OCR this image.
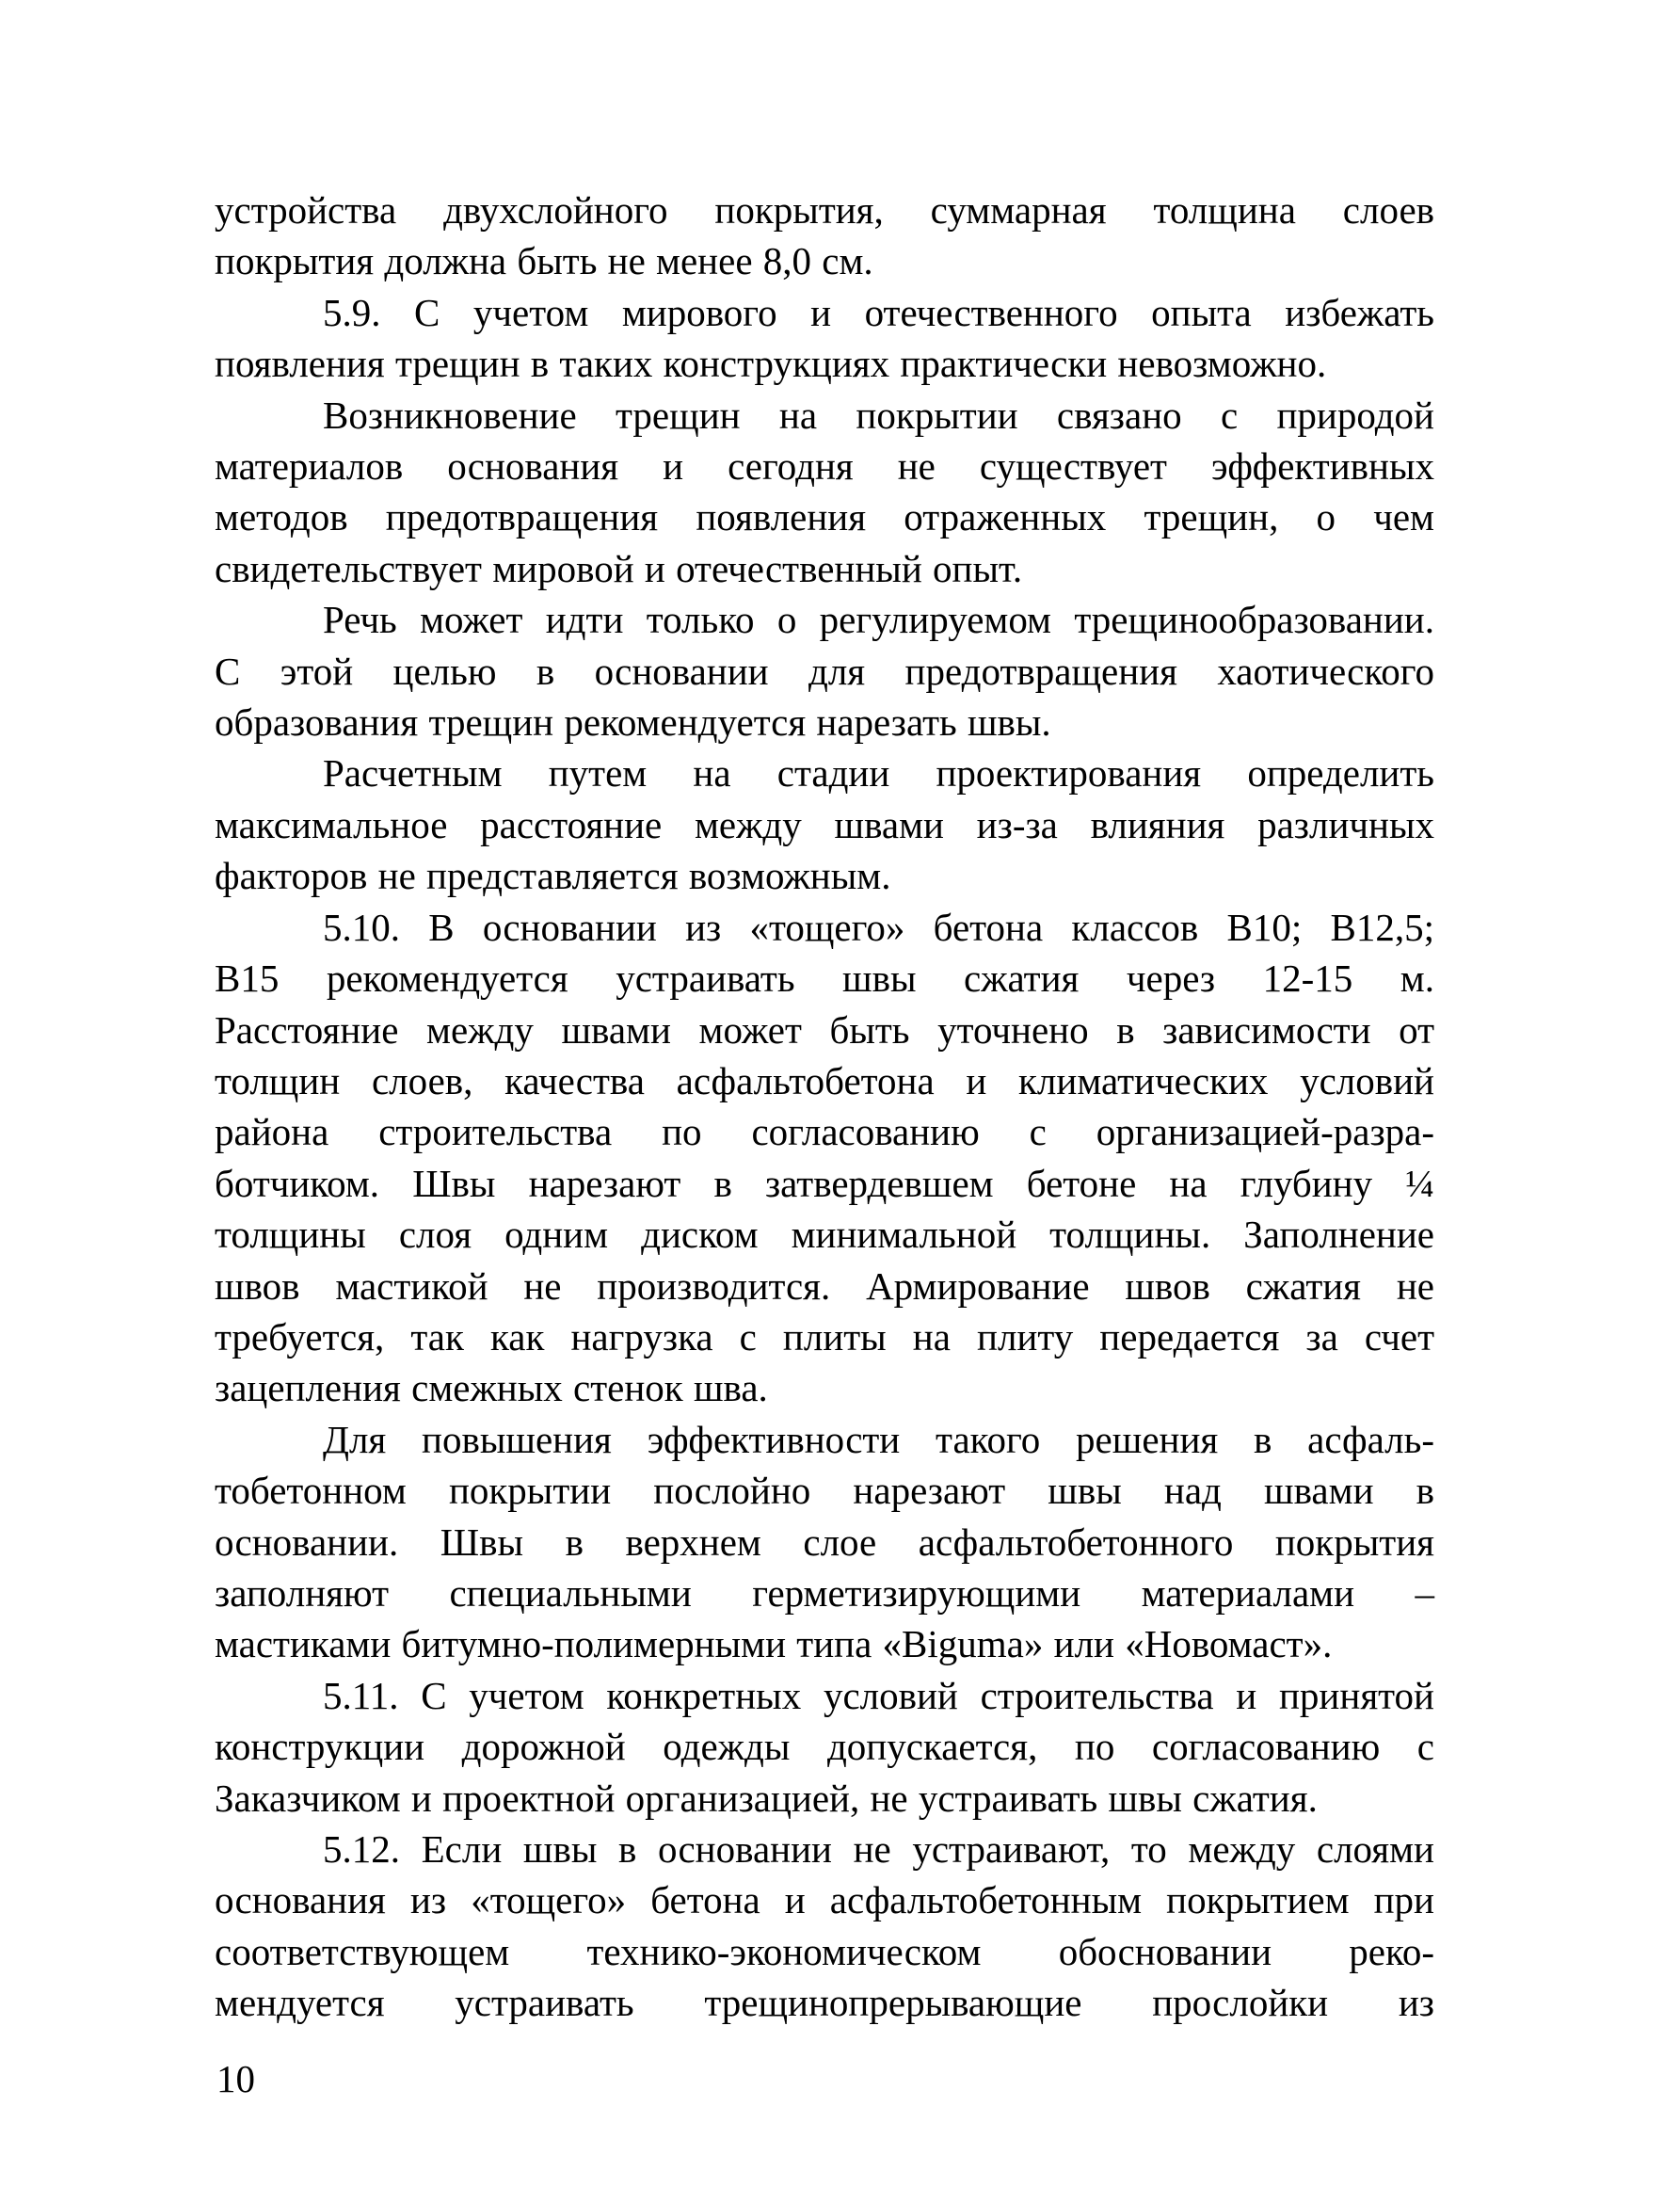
устройства двухслойного покрытия, суммарная толщина слоев
покрытия должна быть не менее 8,0 см.
5.9. С учетом мирового и отечественного опыта избежать
появления трещин в таких конструкциях практически невозможно.
Возникновение трещин на покрытии связано с природой
материалов основания и сегодня не существует эффективных
методов предотвращения появления отраженных трещин, о чем
свидетельствует мировой и отечественный опыт.
Речь может идти только о регулируемом трещинообразовании.
С этой целью в основании для предотвращения хаотического
образования трещин рекомендуется нарезать швы.
Расчетным путем на стадии проектирования определить
максимальное расстояние между швами из-за влияния различных
факторов не представляется возможным.
5.10. В основании из «тощего» бетона классов В10; В12,5;
В15 рекомендуется устраивать швы сжатия через 12-15 м.
Расстояние между швами может быть уточнено в зависимости от
толщин слоев, качества асфальтобетона и климатических условий
района строительства по согласованию с организацией-разра-
ботчиком. Швы нарезают в затвердевшем бетоне на глубину ¼
толщины слоя одним диском минимальной толщины. Заполнение
швов мастикой не производится. Армирование швов сжатия не
требуется, так как нагрузка с плиты на плиту передается за счет
зацепления смежных стенок шва.
Для повышения эффективности такого решения в асфаль-
тобетонном покрытии послойно нарезают швы над швами в
основании. Швы в верхнем слое асфальтобетонного покрытия
заполняют специальными герметизирующими материалами –
мастиками битумно-полимерными типа «Biguma» или «Новомаст».
5.11. С учетом конкретных условий строительства и принятой
конструкции дорожной одежды допускается, по согласованию с
Заказчиком и проектной организацией, не устраивать швы сжатия.
5.12. Если швы в основании не устраивают, то между слоями
основания из «тощего» бетона и асфальтобетонным покрытием при
соответствующем технико-экономическом обосновании реко-
мендуется устраивать трещинопрерывающие прослойки из
10
